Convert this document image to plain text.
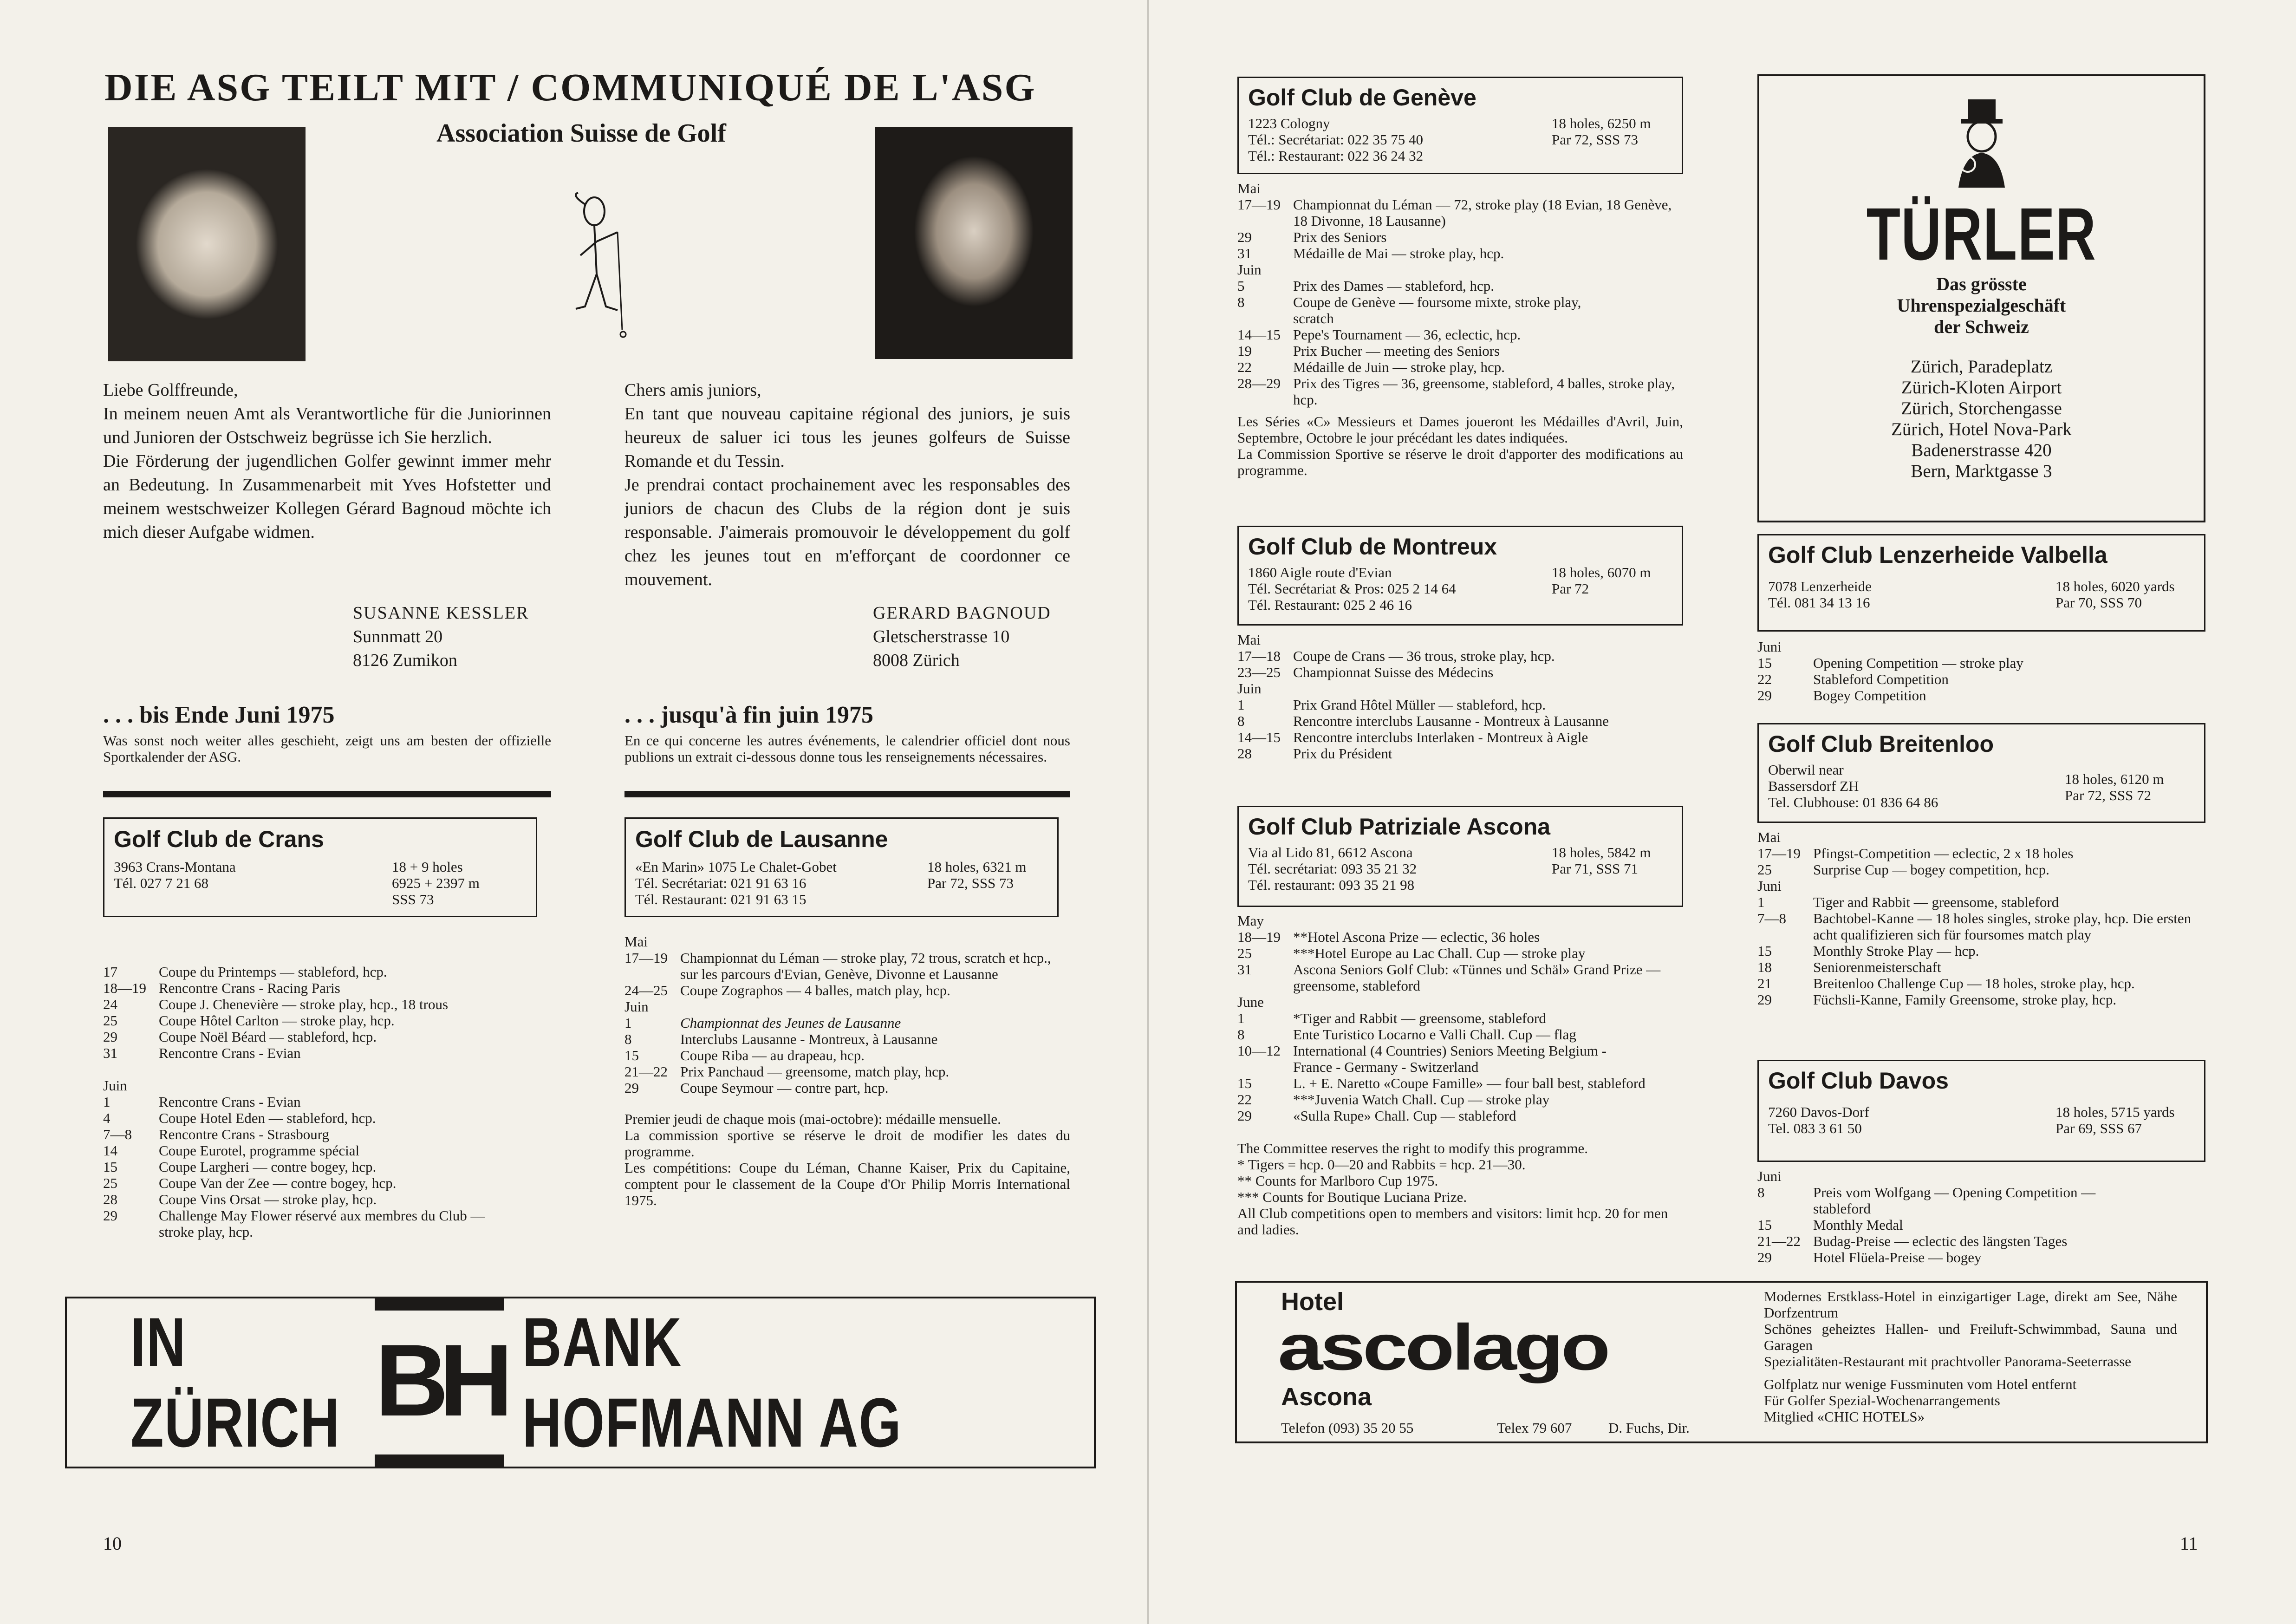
DIE ASG TEILT MIT / COMMUNIQUÉ DE L'ASG
Association Suisse de Golf
Liebe Golffreunde,
In meinem neuen Amt als Verantwortliche für die Juniorinnen und Junioren der Ostschweiz begrüsse ich Sie herzlich.
Die Förderung der jugendlichen Golfer gewinnt immer mehr an Bedeutung. In Zusammenarbeit mit Yves Hofstetter und meinem westschweizer Kollegen Gérard Bagnoud möchte ich mich dieser Aufgabe widmen.
SUSANNE KESSLER
Sunnmatt 20
8126 Zumikon
Chers amis juniors,
En tant que nouveau capitaine régional des juniors, je suis heureux de saluer ici tous les jeunes golfeurs de Suisse Romande et du Tessin.
Je prendrai contact prochainement avec les responsables des juniors de chacun des Clubs de la région dont je suis responsable. J'aimerais promouvoir le développement du golf chez les jeunes tout en m'efforçant de coordonner ce mouvement.
GERARD BAGNOUD
Gletscherstrasse 10
8008 Zürich
. . . bis Ende Juni 1975
Was sonst noch weiter alles geschieht, zeigt uns am besten der offizielle Sportkalender der ASG.
. . . jusqu'à fin juin 1975
En ce qui concerne les autres événements, le calendrier officiel dont nous publions un extrait ci-dessous donne tous les renseignements nécessaires.
Golf Club de Crans
3963 Crans-Montana
Tél. 027 7 21 68
18 + 9 holes
6925 + 2397 m
SSS 73
17	Coupe du Printemps — stableford, hcp.
18—19 Rencontre Crans - Racing Paris
24	Coupe J. Chenevière — stroke play, hcp., 18 trous
25	Coupe Hôtel Carlton — stroke play, hcp.
29	Coupe Noël Béard — stableford, hcp.
31	Rencontre Crans - Evian
Juin
1	Rencontre Crans - Evian
4	Coupe Hotel Eden — stableford, hcp.
7—8	Rencontre Crans - Strasbourg
14	Coupe Eurotel, programme spécial
15	Coupe Largheri — contre bogey, hcp.
25	Coupe Van der Zee — contre bogey, hcp.
28	Coupe Vins Orsat — stroke play, hcp.
29	Challenge May Flower réservé aux membres du Club — stroke play, hcp.
Golf Club de Lausanne
«En Marin» 1075 Le Chalet-Gobet
Tél. Secrétariat: 021 91 63 16
Tél. Restaurant: 021 91 63 15
18 holes, 6321 m
Par 72, SSS 73
Mai
17—19 Championnat du Léman — stroke play, 72 trous, scratch et hcp., sur les parcours d'Evian, Genève, Divonne et Lausanne
24—25 Coupe Zographos — 4 balles, match play, hcp.
Juin
1	Championnat des Jeunes de Lausanne
8	Interclubs Lausanne - Montreux, à Lausanne
15	Coupe Riba — au drapeau, hcp.
21—22 Prix Panchaud — greensome, match play, hcp.
29	Coupe Seymour — contre part, hcp.
Premier jeudi de chaque mois (mai-octobre): médaille mensuelle.
La commission sportive se réserve le droit de modifier les dates du programme.
Les compétitions: Coupe du Léman, Channe Kaiser, Prix du Capitaine, comptent pour le classement de la Coupe d'Or Philip Morris International 1975.
IN ZÜRICH BH BANK HOFMANN AG
10
Golf Club de Genève
1223 Cologny
Tél.: Secrétariat: 022 35 75 40
Tél.: Restaurant: 022 36 24 32
18 holes, 6250 m
Par 72, SSS 73
Mai
17—19 Championnat du Léman — 72, stroke play (18 Evian, 18 Genève, 18 Divonne, 18 Lausanne)
29	Prix des Seniors
31	Médaille de Mai — stroke play, hcp.
Juin
5	Prix des Dames — stableford, hcp.
8	Coupe de Genève — foursome mixte, stroke play, scratch
14—15 Pepe's Tournament — 36, eclectic, hcp.
19	Prix Bucher — meeting des Seniors
22	Médaille de Juin — stroke play, hcp.
28—29 Prix des Tigres — 36, greensome, stableford, 4 balles, stroke play, hcp.
Les Séries «C» Messieurs et Dames joueront les Médailles d'Avril, Juin, Septembre, Octobre le jour précédant les dates indiquées.
La Commission Sportive se réserve le droit d'apporter des modifications au programme.
Golf Club de Montreux
1860 Aigle route d'Evian
Tél. Secrétariat & Pros: 025 2 14 64
Tél. Restaurant: 025 2 46 16
18 holes, 6070 m
Par 72
Mai
17—18 Coupe de Crans — 36 trous, stroke play, hcp.
23—25 Championnat Suisse des Médecins
Juin
1	Prix Grand Hôtel Müller — stableford, hcp.
8	Rencontre interclubs Lausanne - Montreux à Lausanne
14—15 Rencontre interclubs Interlaken - Montreux à Aigle
28	Prix du Président
Golf Club Patriziale Ascona
Via al Lido 81, 6612 Ascona
Tél. secrétariat: 093 35 21 32
Tél. restaurant: 093 35 21 98
18 holes, 5842 m
Par 71, SSS 71
May
18—19 **Hotel Ascona Prize — eclectic, 36 holes
25	***Hotel Europe au Lac Chall. Cup — stroke play
31	Ascona Seniors Golf Club: «Tünnes und Schäl» Grand Prize — greensome, stableford
June
1	*Tiger and Rabbit — greensome, stableford
8	Ente Turistico Locarno e Valli Chall. Cup — flag
10—12 International (4 Countries) Seniors Meeting Belgium - France - Germany - Switzerland
15	L. + E. Naretto «Coupe Famille» — four ball best, stableford
22	***Juvenia Watch Chall. Cup — stroke play
29	«Sulla Rupe» Chall. Cup — stableford
The Committee reserves the right to modify this programme.
* Tigers = hcp. 0—20 and Rabbits = hcp. 21—30.
** Counts for Marlboro Cup 1975.
*** Counts for Boutique Luciana Prize.
All Club competitions open to members and visitors: limit hcp. 20 for men and ladies.
TÜRLER
Das grösste
Uhrenspezialgeschäft
der Schweiz
Zürich, Paradeplatz
Zürich-Kloten Airport
Zürich, Storchengasse
Zürich, Hotel Nova-Park
Badenerstrasse 420
Bern, Marktgasse 3
Golf Club Lenzerheide Valbella
7078 Lenzerheide
Tél. 081 34 13 16
18 holes, 6020 yards
Par 70, SSS 70
Juni
15	Opening Competition — stroke play
22	Stableford Competition
29	Bogey Competition
Golf Club Breitenloo
Oberwil near
Bassersdorf ZH
Tel. Clubhouse: 01 836 64 86
18 holes, 6120 m
Par 72, SSS 72
Mai
17—19 Pfingst-Competition — eclectic, 2 x 18 holes
25	Surprise Cup — bogey competition, hcp.
Juni
1	Tiger and Rabbit — greensome, stableford
7—8	Bachtobel-Kanne — 18 holes singles, stroke play, hcp. Die ersten acht qualifizieren sich für foursomes match play
15	Monthly Stroke Play — hcp.
18	Seniorenmeisterschaft
21	Breitenloo Challenge Cup — 18 holes, stroke play, hcp.
29	Füchsli-Kanne, Family Greensome, stroke play, hcp.
Golf Club Davos
7260 Davos-Dorf
Tel. 083 3 61 50
18 holes, 5715 yards
Par 69, SSS 67
Juni
8	Preis vom Wolfgang — Opening Competition — stableford
15	Monthly Medal
21—22 Budag-Preise — eclectic des längsten Tages
29	Hotel Flüela-Preise — bogey
Hotel
ascolago
Ascona
Telefon (093) 35 20 55	Telex 79 607	D. Fuchs, Dir.
Modernes Erstklass-Hotel in einzigartiger Lage, direkt am See, Nähe Dorfzentrum
Schönes geheiztes Hallen- und Freiluft-Schwimmbad, Sauna und Garagen
Spezialitäten-Restaurant mit prachtvoller Panorama-Seeterrasse
Golfplatz nur wenige Fussminuten vom Hotel entfernt
Für Golfer Spezial-Wochenarrangements
Mitglied «CHIC HOTELS»
11
